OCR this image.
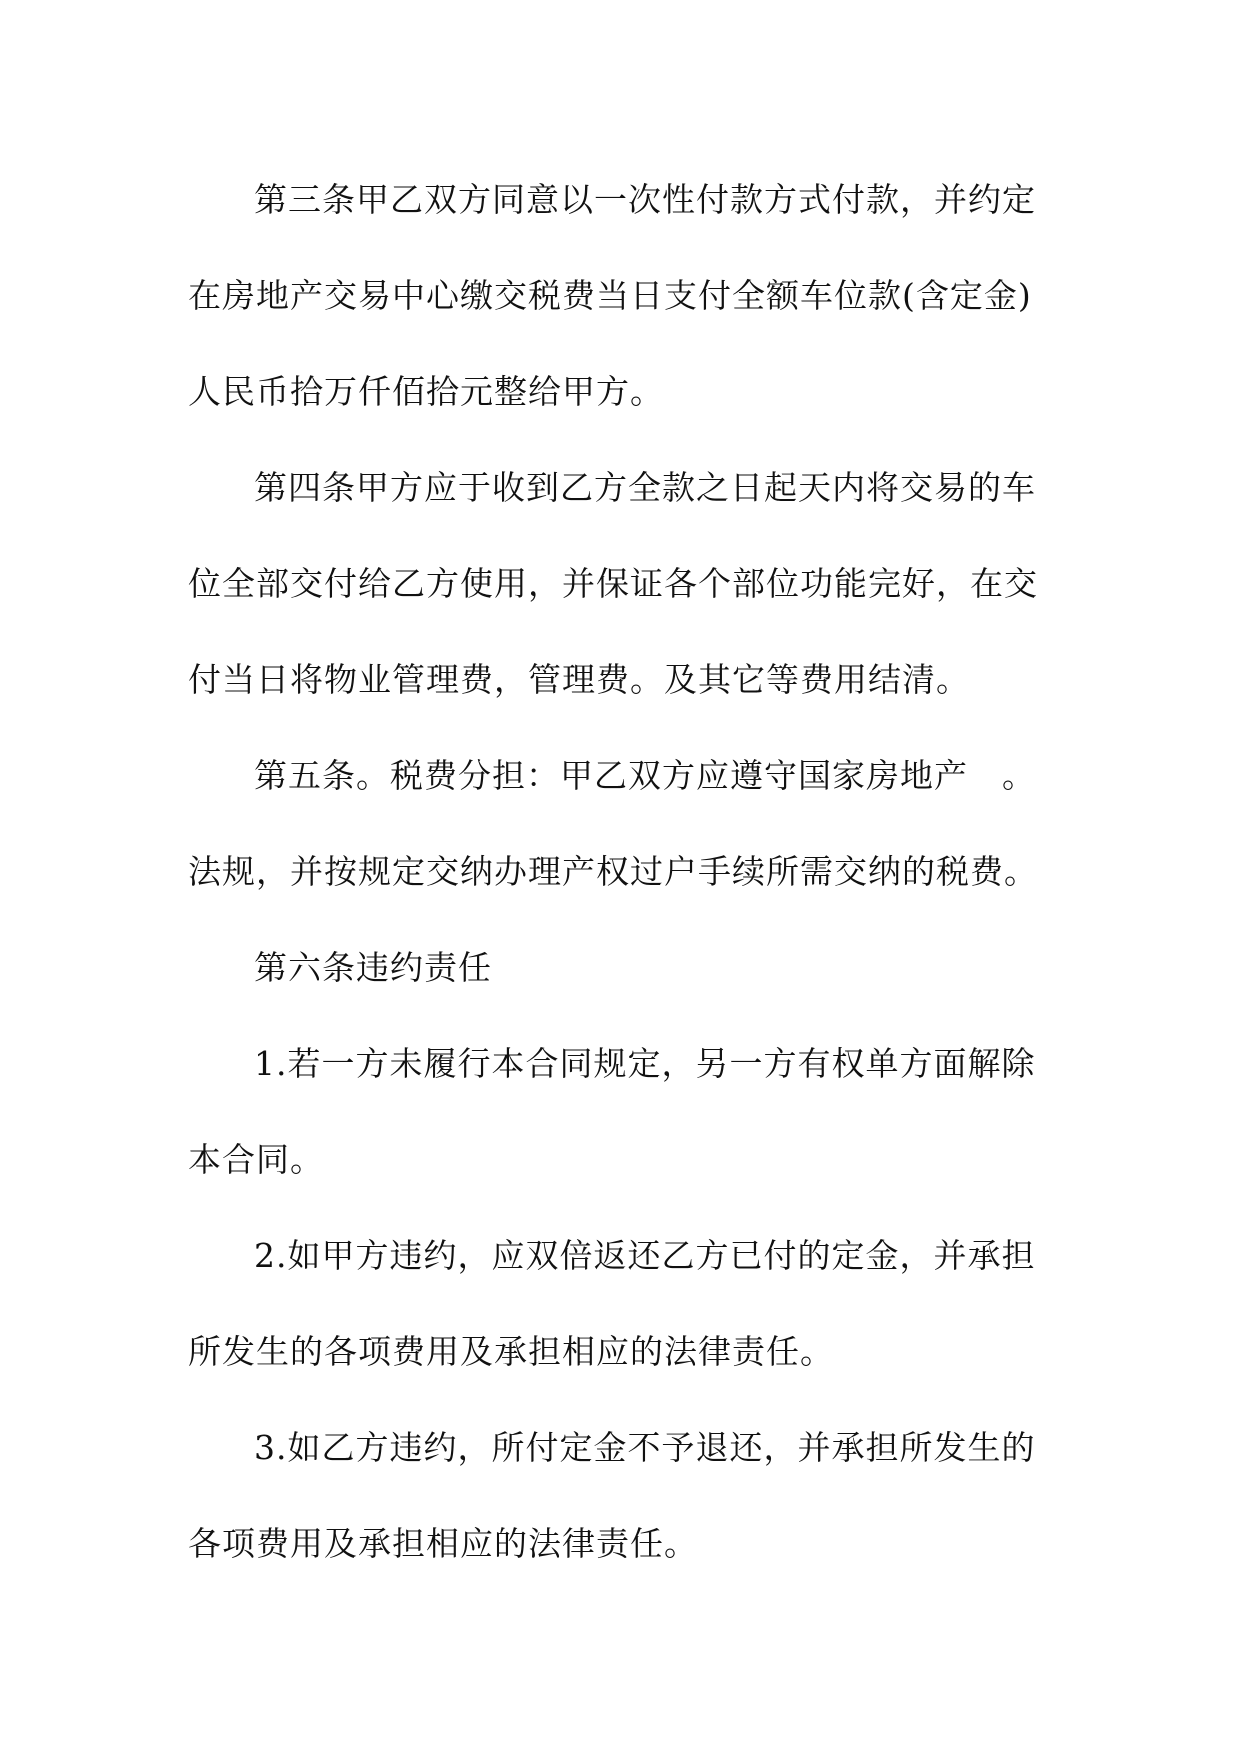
第三条甲乙双方同意以一次性付款方式付款，并约定
在房地产交易中心缴交税费当日支付全额车位款(含定金)
人民币拾万仟佰拾元整给甲方。
第四条甲方应于收到乙方全款之日起天内将交易的车
位全部交付给乙方使用，并保证各个部位功能完好，在交
付当日将物业管理费，管理费。及其它等费用结清。
第五条。税费分担：甲乙双方应遵守国家房地产　。
法规，并按规定交纳办理产权过户手续所需交纳的税费。
第六条违约责任
1.若一方未履行本合同规定，另一方有权单方面解除
本合同。
2.如甲方违约，应双倍返还乙方已付的定金，并承担
所发生的各项费用及承担相应的法律责任。
3.如乙方违约，所付定金不予退还，并承担所发生的
各项费用及承担相应的法律责任。
